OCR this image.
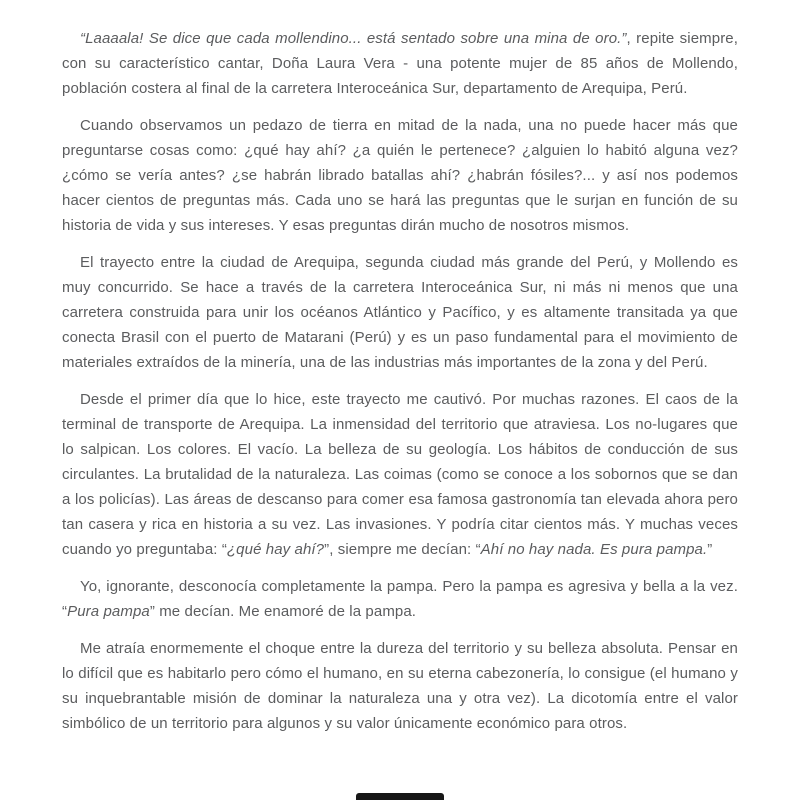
“Laaaala! Se dice que cada mollendino... está sentado sobre una mina de oro.”, repite siempre, con su característico cantar, Doña Laura Vera - una potente mujer de 85 años de Mollendo, población costera al final de la carretera Interoceánica Sur, departamento de Arequipa, Perú.

Cuando observamos un pedazo de tierra en mitad de la nada, una no puede hacer más que preguntarse cosas como: ¿qué hay ahí? ¿a quién le pertenece? ¿alguien lo habitó alguna vez? ¿cómo se vería antes? ¿se habrán librado batallas ahí? ¿habrán fósiles?... y así nos podemos hacer cientos de preguntas más. Cada uno se hará las preguntas que le surjan en función de su historia de vida y sus intereses. Y esas preguntas dirán mucho de nosotros mismos.

El trayecto entre la ciudad de Arequipa, segunda ciudad más grande del Perú, y Mollendo es muy concurrido. Se hace a través de la carretera Interoceánica Sur, ni más ni menos que una carretera construida para unir los océanos Atlántico y Pacífico, y es altamente transitada ya que conecta Brasil con el puerto de Matarani (Perú) y es un paso fundamental para el movimiento de materiales extraídos de la minería, una de las industrias más importantes de la zona y del Perú.

Desde el primer día que lo hice, este trayecto me cautivó. Por muchas razones. El caos de la terminal de transporte de Arequipa. La inmensidad del territorio que atraviesa. Los no-lugares que lo salpican. Los colores. El vacío. La belleza de su geología. Los hábitos de conducción de sus circulantes. La brutalidad de la naturaleza. Las coimas (como se conoce a los sobornos que se dan a los policías). Las áreas de descanso para comer esa famosa gastronomía tan elevada ahora pero tan casera y rica en historia a su vez. Las invasiones. Y podría citar cientos más. Y muchas veces cuando yo preguntaba: “¿qué hay ahí?”, siempre me decían: “Ahí no hay nada. Es pura pampa.”

Yo, ignorante, desconocía completamente la pampa. Pero la pampa es agresiva y bella a la vez. “Pura pampa” me decían. Me enamoré de la pampa.

Me atraía enormemente el choque entre la dureza del territorio y su belleza absoluta. Pensar en lo difícil que es habitarlo pero cómo el humano, en su eterna cabezonería, lo consigue (el humano y su inquebrantable misión de dominar la naturaleza una y otra vez). La dicotomía entre el valor simbólico de un territorio para algunos y su valor únicamente económico para otros.
